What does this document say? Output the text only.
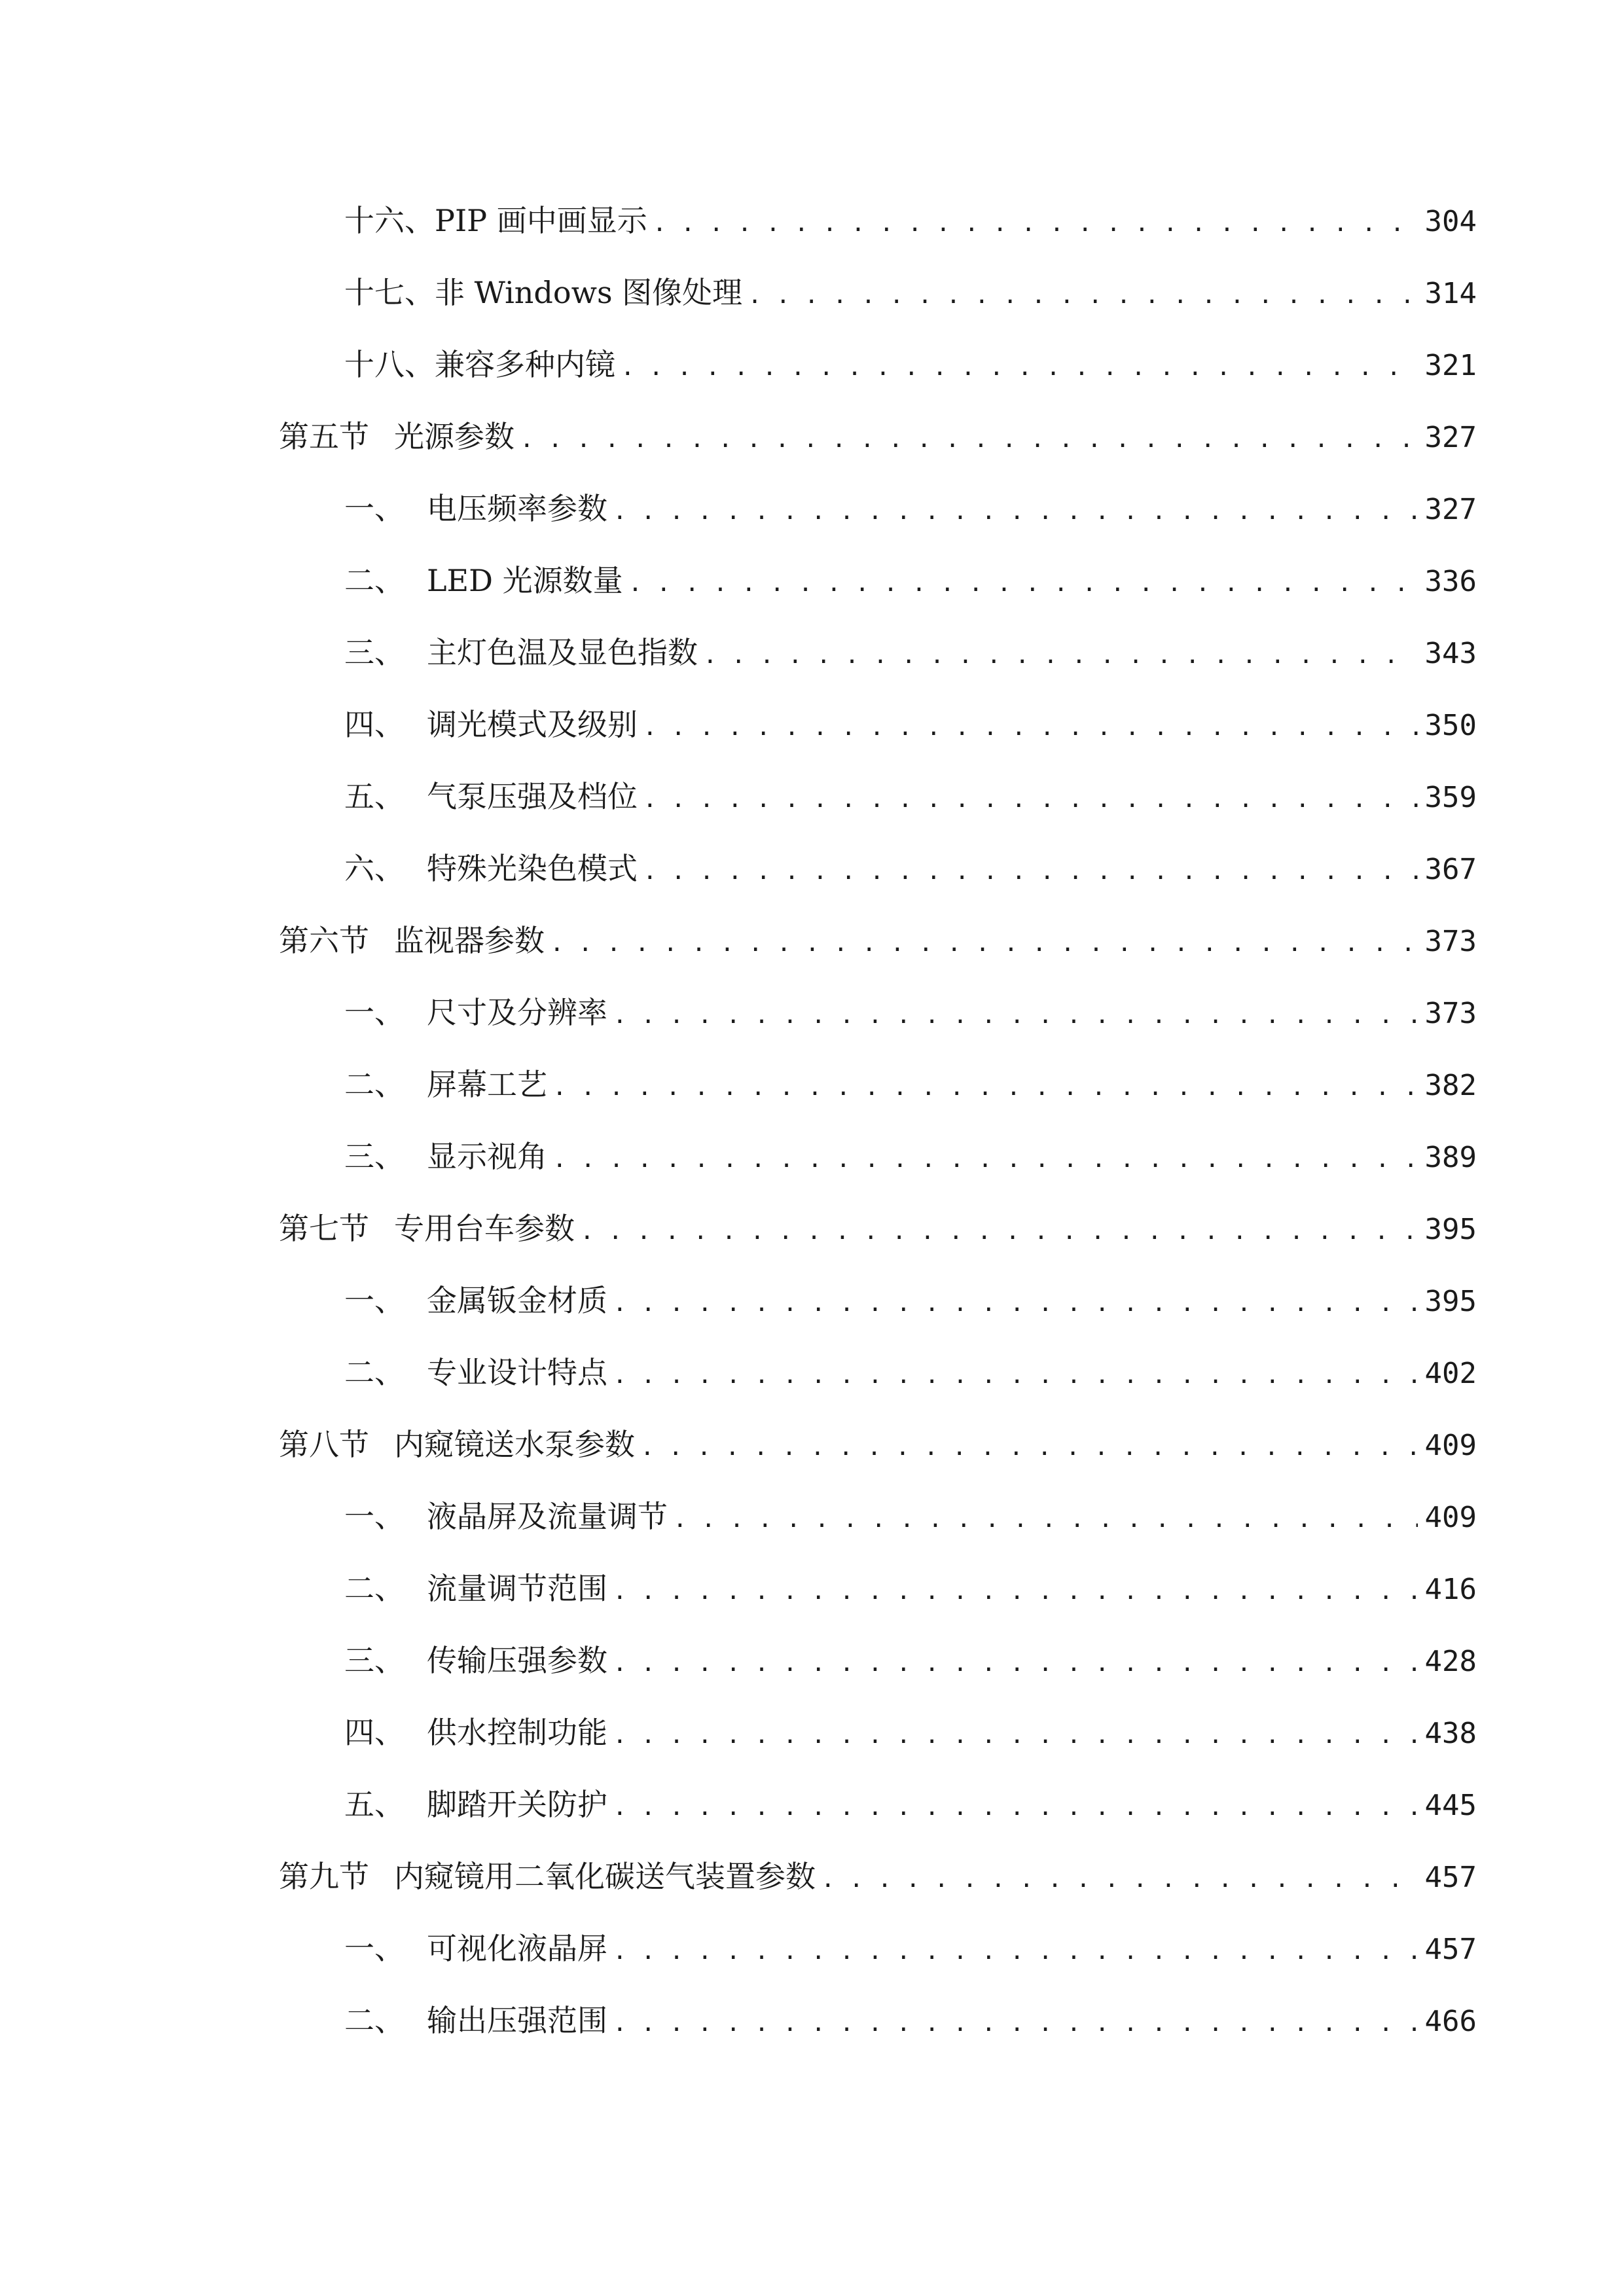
十六、 PIP 画中画显示 . . .	304
十七、 非 Windows 图像处理 . . .	314
十八、 兼容多种内镜 . . .	321
第五节 光源参数 . . .	327
一、 电压频率参数 . . .	327
二、 LED 光源数量 . . .	336
三、 主灯色温及显色指数 . . .	343
四、 调光模式及级别 . . .	350
五、 气泵压强及档位 . . .	359
六、 特殊光染色模式 . . .	367
第六节 监视器参数 . . .	373
一、 尺寸及分辨率 . . .	373
二、 屏幕工艺 . . .	382
三、 显示视角 . . .	389
第七节 专用台车参数 . . .	395
一、 金属钣金材质 . . .	395
二、 专业设计特点 . . .	402
第八节 内窥镜送水泵参数 . . .	409
一、 液晶屏及流量调节 . . .	409
二、 流量调节范围 . . .	416
三、 传输压强参数 . . .	428
四、 供水控制功能 . . .	438
五、 脚踏开关防护 . . .	445
第九节 内窥镜用二氧化碳送气装置参数 . . .	457
一、 可视化液晶屏 . . .	457
二、 输出压强范围 . . .	466
